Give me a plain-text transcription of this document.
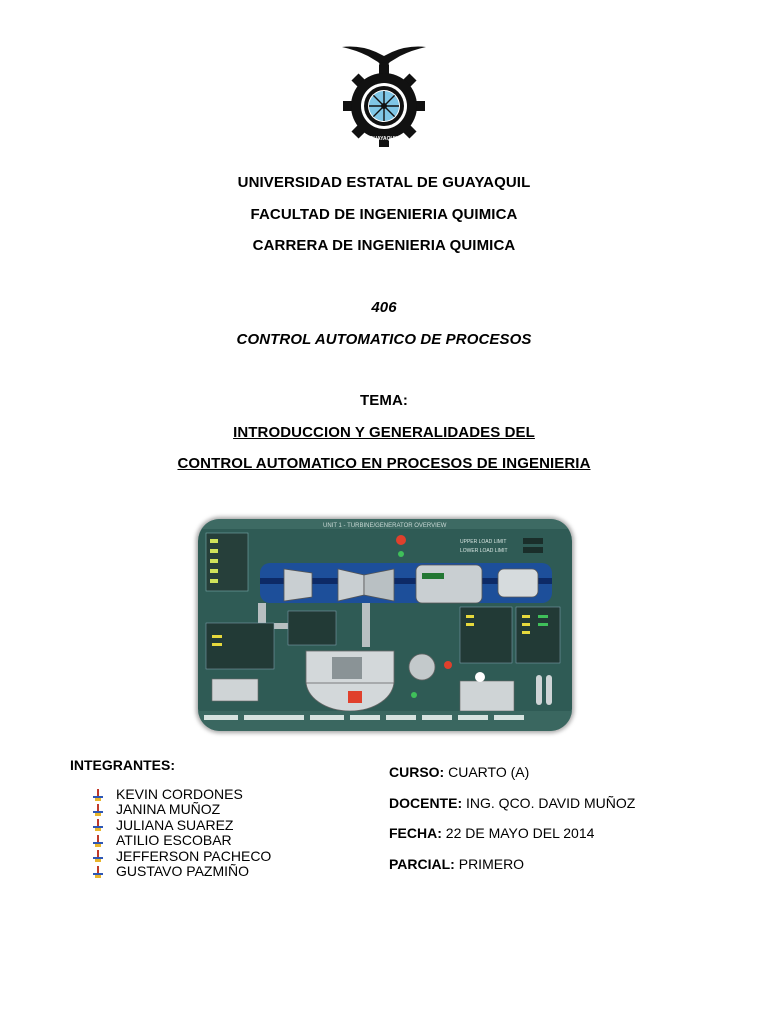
GUAYAQUIL
UNIVERSIDAD ESTATAL DE GUAYAQUIL
FACULTAD DE INGENIERIA QUIMICA
CARRERA DE INGENIERIA QUIMICA
406
CONTROL AUTOMATICO DE PROCESOS
TEMA:
INTRODUCCION Y GENERALIDADES DEL
CONTROL AUTOMATICO EN PROCESOS DE INGENIERIA
UNIT 1 - TURBINE/GENERATOR OVERVIEW
UPPER LOAD LIMIT
LOWER LOAD LIMIT
INTEGRANTES:
KEVIN CORDONES
JANINA MUÑOZ
JULIANA SUAREZ
ATILIO ESCOBAR
JEFFERSON PACHECO
GUSTAVO PAZMIÑO
CURSO: CUARTO (A)
DOCENTE: ING. QCO. DAVID MUÑOZ
FECHA: 22 DE MAYO DEL 2014
PARCIAL: PRIMERO
